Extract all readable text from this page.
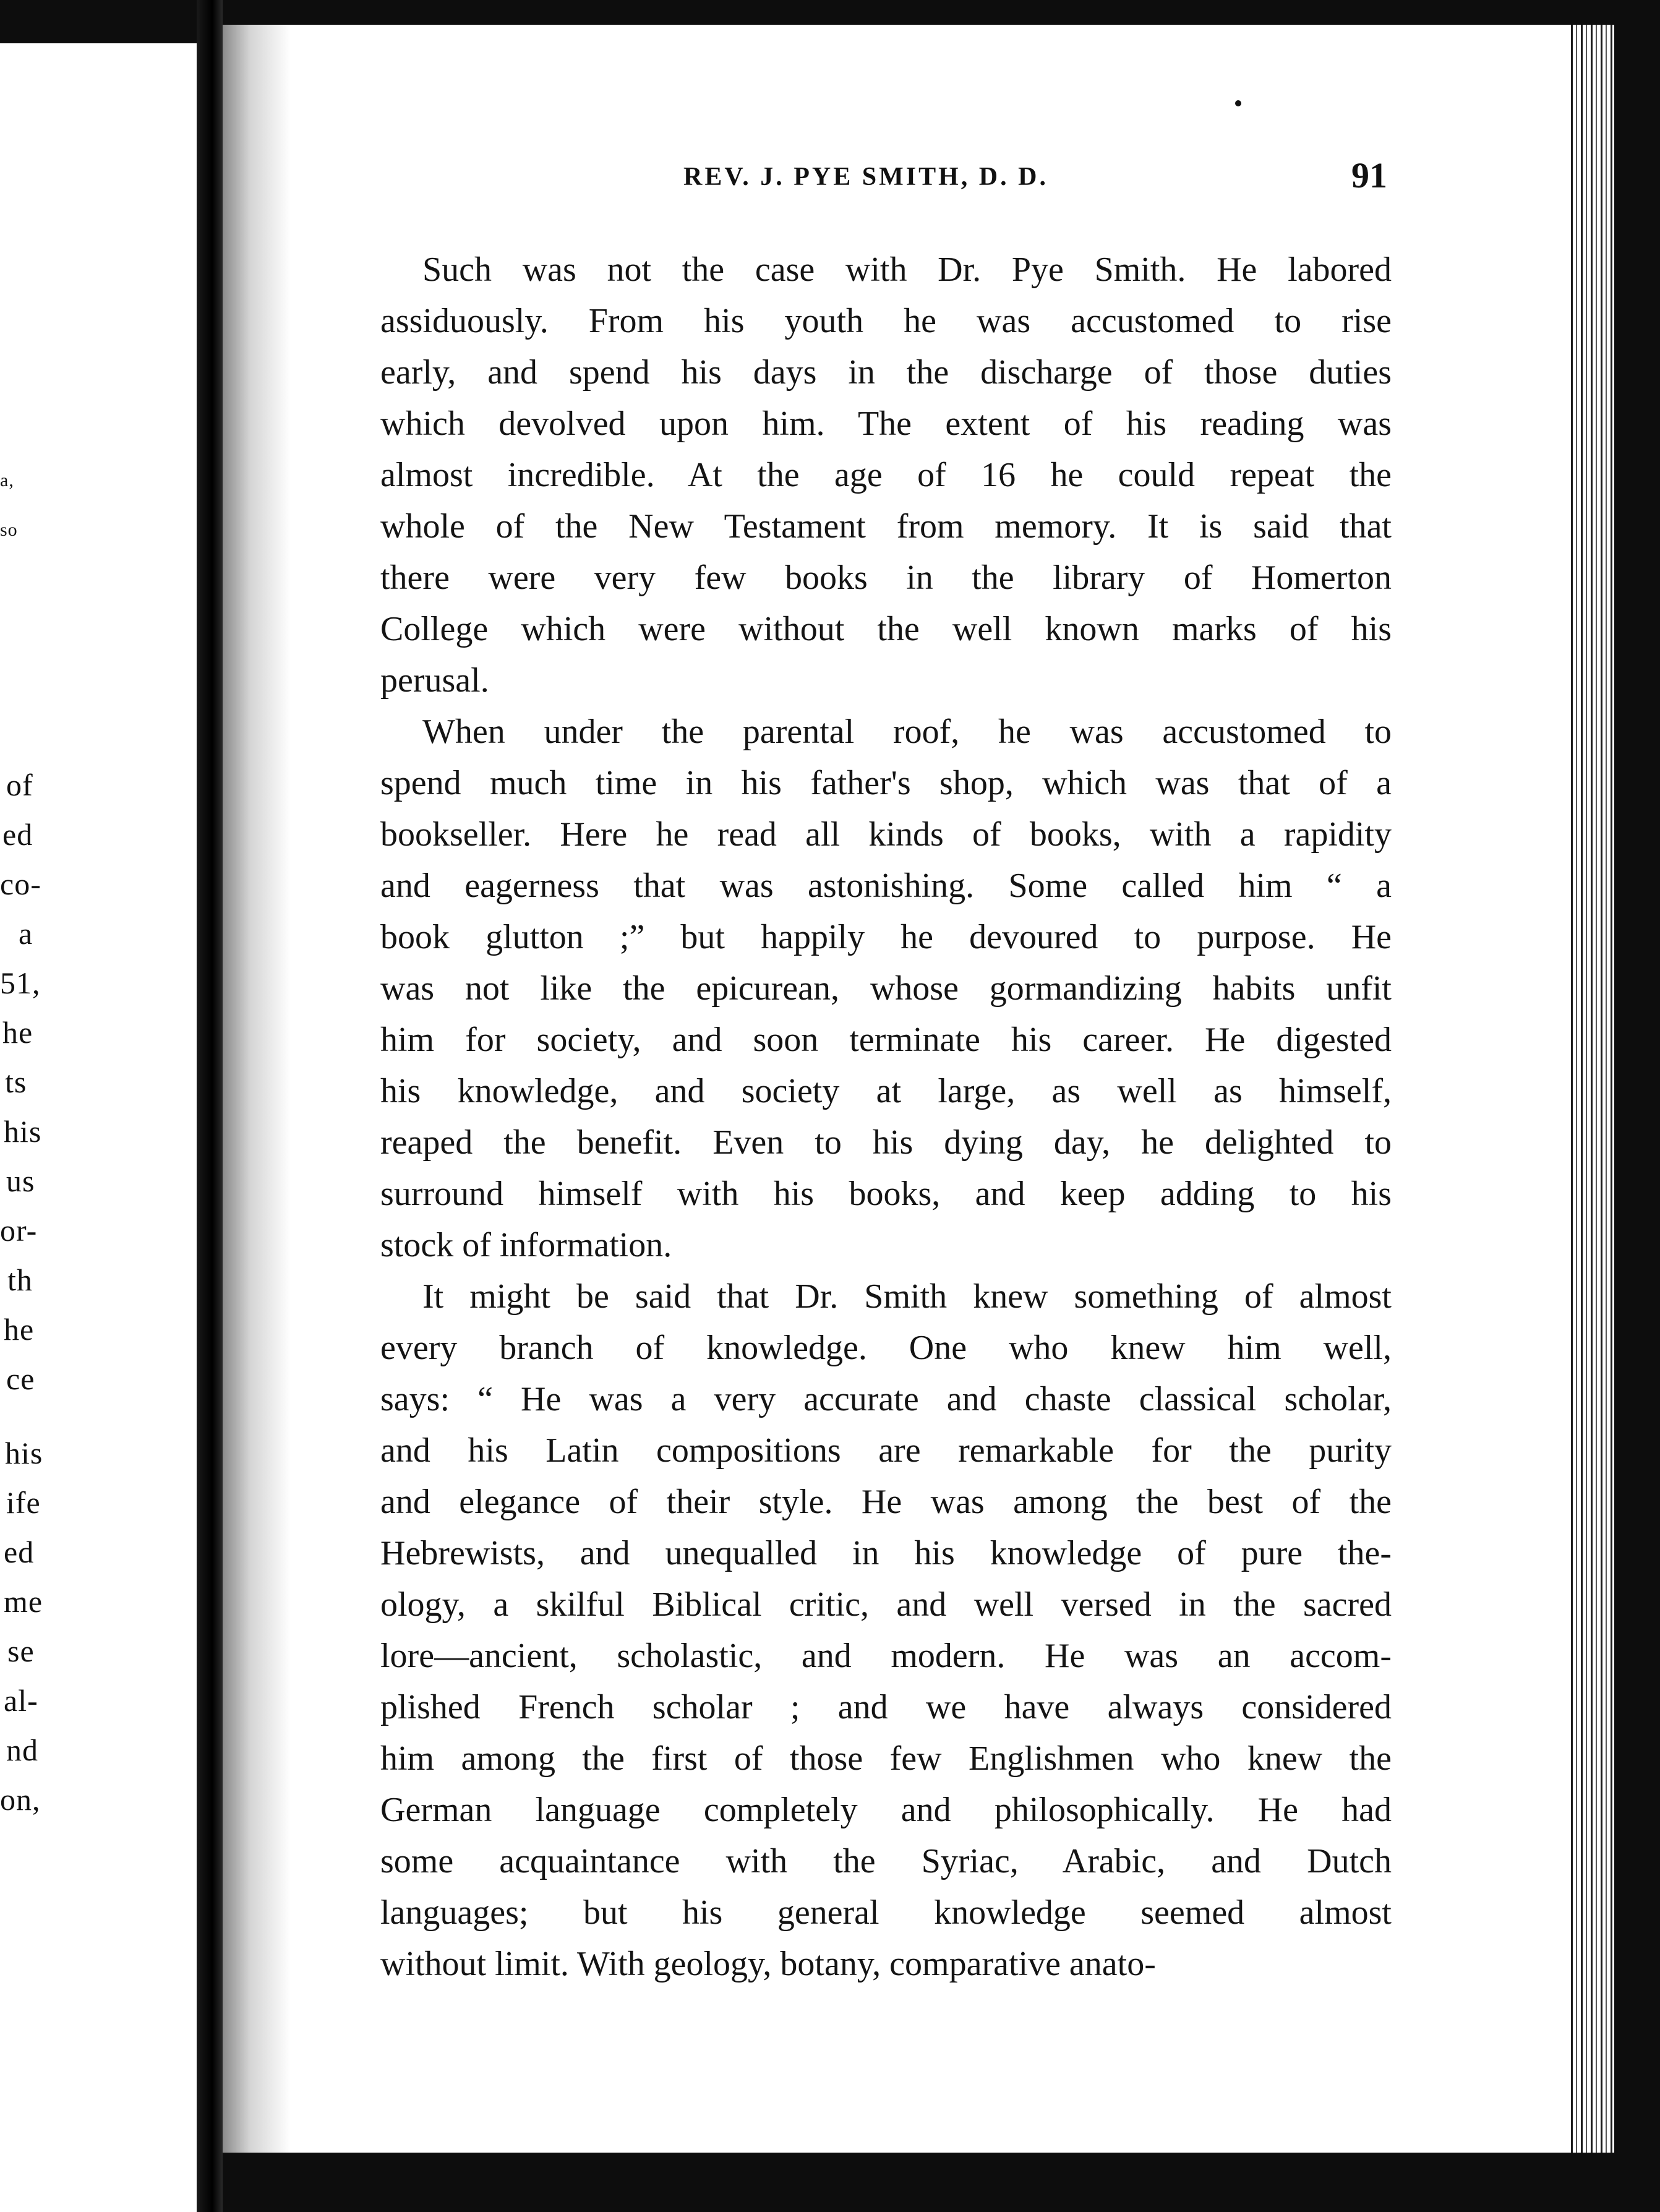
a,
so
of
ed
co-
a
51,
he
ts
his
us
or-
th
he
ce
his
ife
ed
me
se
al-
nd
on,
REV. J. PYE SMITH, D. D.	91
Such was not the case with Dr. Pye Smith. He labored
assiduously. From his youth he was accustomed to rise
early, and spend his days in the discharge of those duties
which devolved upon him. The extent of his reading was
almost incredible. At the age of 16 he could repeat the
whole of the New Testament from memory. It is said that
there were very few books in the library of Homerton
College which were without the well known marks of his
perusal.
When under the parental roof, he was accustomed to
spend much time in his father's shop, which was that of a
bookseller. Here he read all kinds of books, with a rapidity
and eagerness that was astonishing. Some called him “ a
book glutton ;” but happily he devoured to purpose. He
was not like the epicurean, whose gormandizing habits unfit
him for society, and soon terminate his career. He digested
his knowledge, and society at large, as well as himself,
reaped the benefit. Even to his dying day, he delighted to
surround himself with his books, and keep adding to his
stock of information.
It might be said that Dr. Smith knew something of almost
every branch of knowledge. One who knew him well,
says: “ He was a very accurate and chaste classical scholar,
and his Latin compositions are remarkable for the purity
and elegance of their style. He was among the best of the
Hebrewists, and unequalled in his knowledge of pure the-
ology, a skilful Biblical critic, and well versed in the sacred
lore—ancient, scholastic, and modern. He was an accom-
plished French scholar ; and we have always considered
him among the first of those few Englishmen who knew the
German language completely and philosophically. He had
some acquaintance with the Syriac, Arabic, and Dutch
languages; but his general knowledge seemed almost
without limit. With geology, botany, comparative anato-
